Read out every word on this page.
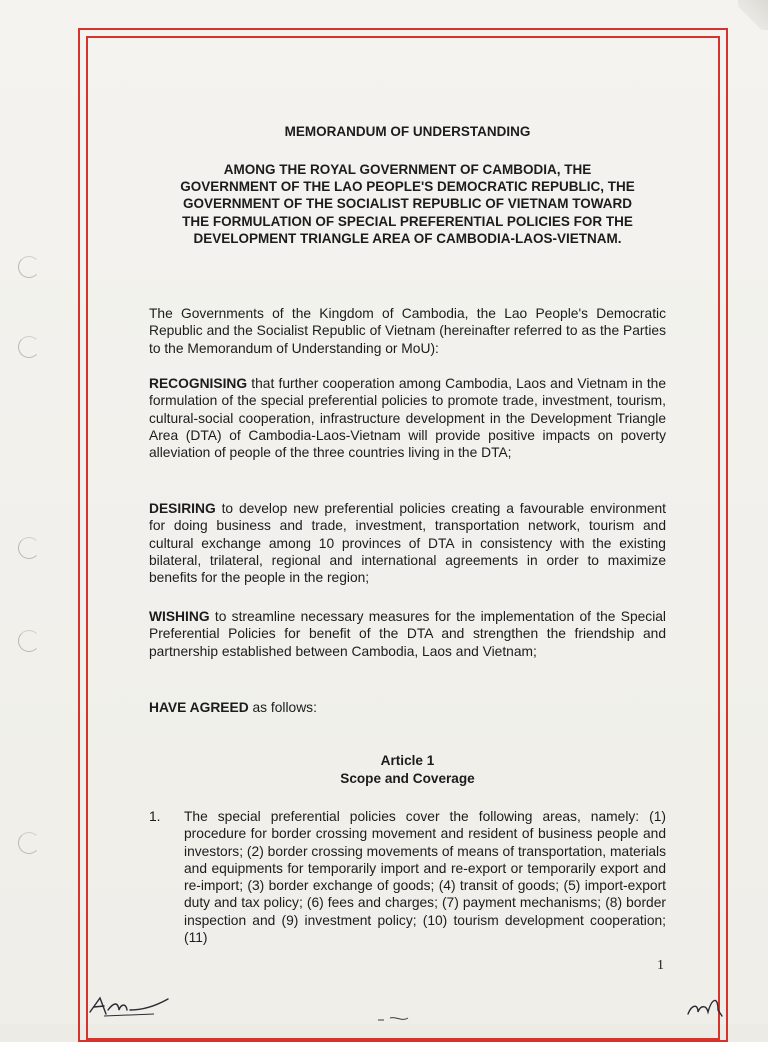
MEMORANDUM OF UNDERSTANDING
AMONG THE ROYAL GOVERNMENT OF CAMBODIA, THE
GOVERNMENT OF THE LAO PEOPLE'S DEMOCRATIC REPUBLIC, THE
GOVERNMENT OF THE SOCIALIST REPUBLIC OF VIETNAM TOWARD
THE FORMULATION OF SPECIAL PREFERENTIAL POLICIES FOR THE
DEVELOPMENT TRIANGLE AREA OF CAMBODIA-LAOS-VIETNAM.

The Governments of the Kingdom of Cambodia, the Lao People's Democratic Republic and the Socialist Republic of Vietnam (hereinafter referred to as the Parties to the Memorandum of Understanding or MoU):

RECOGNISING that further cooperation among Cambodia, Laos and Vietnam in the formulation of the special preferential policies to promote trade, investment, tourism, cultural-social cooperation, infrastructure development in the Development Triangle Area (DTA) of Cambodia-Laos-Vietnam will provide positive impacts on poverty alleviation of people of the three countries living in the DTA;

DESIRING to develop new preferential policies creating a favourable environment for doing business and trade, investment, transportation network, tourism and cultural exchange among 10 provinces of DTA in consistency with the existing bilateral, trilateral, regional and international agreements in order to maximize benefits for the people in the region;

WISHING to streamline necessary measures for the implementation of the Special Preferential Policies for benefit of the DTA and strengthen the friendship and partnership established between Cambodia, Laos and Vietnam;

HAVE AGREED as follows:

Article 1
Scope and Coverage
1. The special preferential policies cover the following areas, namely: (1) procedure for border crossing movement and resident of business people and investors; (2) border crossing movements of means of transportation, materials and equipments for temporarily import and re-export or temporarily export and re-import; (3) border exchange of goods; (4) transit of goods; (5) import-export duty and tax policy; (6) fees and charges; (7) payment mechanisms; (8) border inspection and (9) investment policy; (10) tourism development cooperation; (11)
1
